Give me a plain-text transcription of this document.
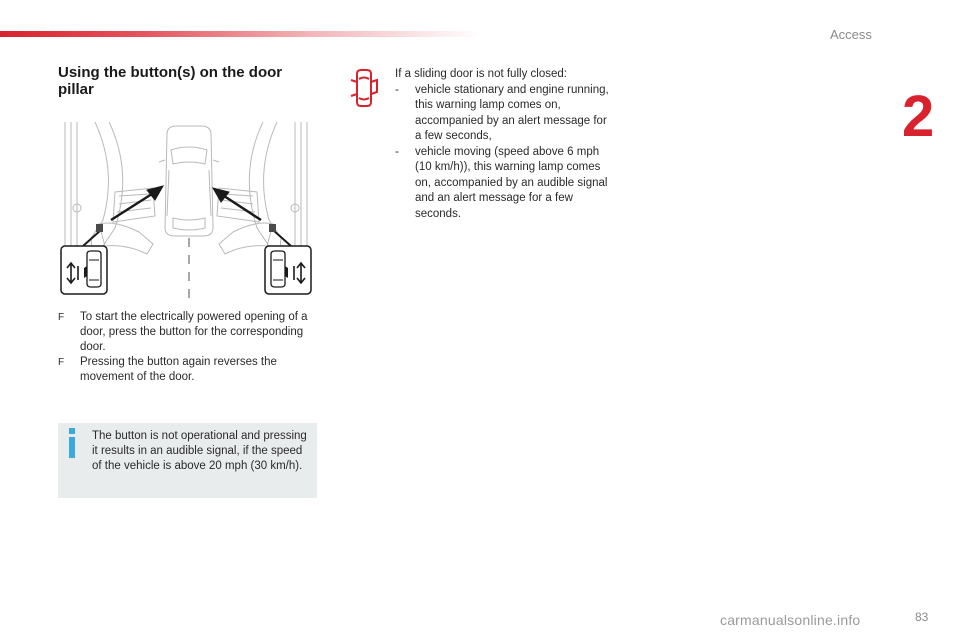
Access
2
Using the button(s) on the door pillar
F To start the electrically powered opening of a door, press the button for the corresponding door.
F Pressing the button again reverses the movement of the door.

The button is not operational and pressing it results in an audible signal, if the speed of the vehicle is above 20 mph (30 km/h).

If a sliding door is not fully closed:

- vehicle stationary and engine running, this warning lamp comes on, accompanied by an alert message for a few seconds,
- vehicle moving (speed above 6 mph (10 km/h)), this warning lamp comes on, accompanied by an audible signal and an alert message for a few seconds.
83
carmanualsonline.info
